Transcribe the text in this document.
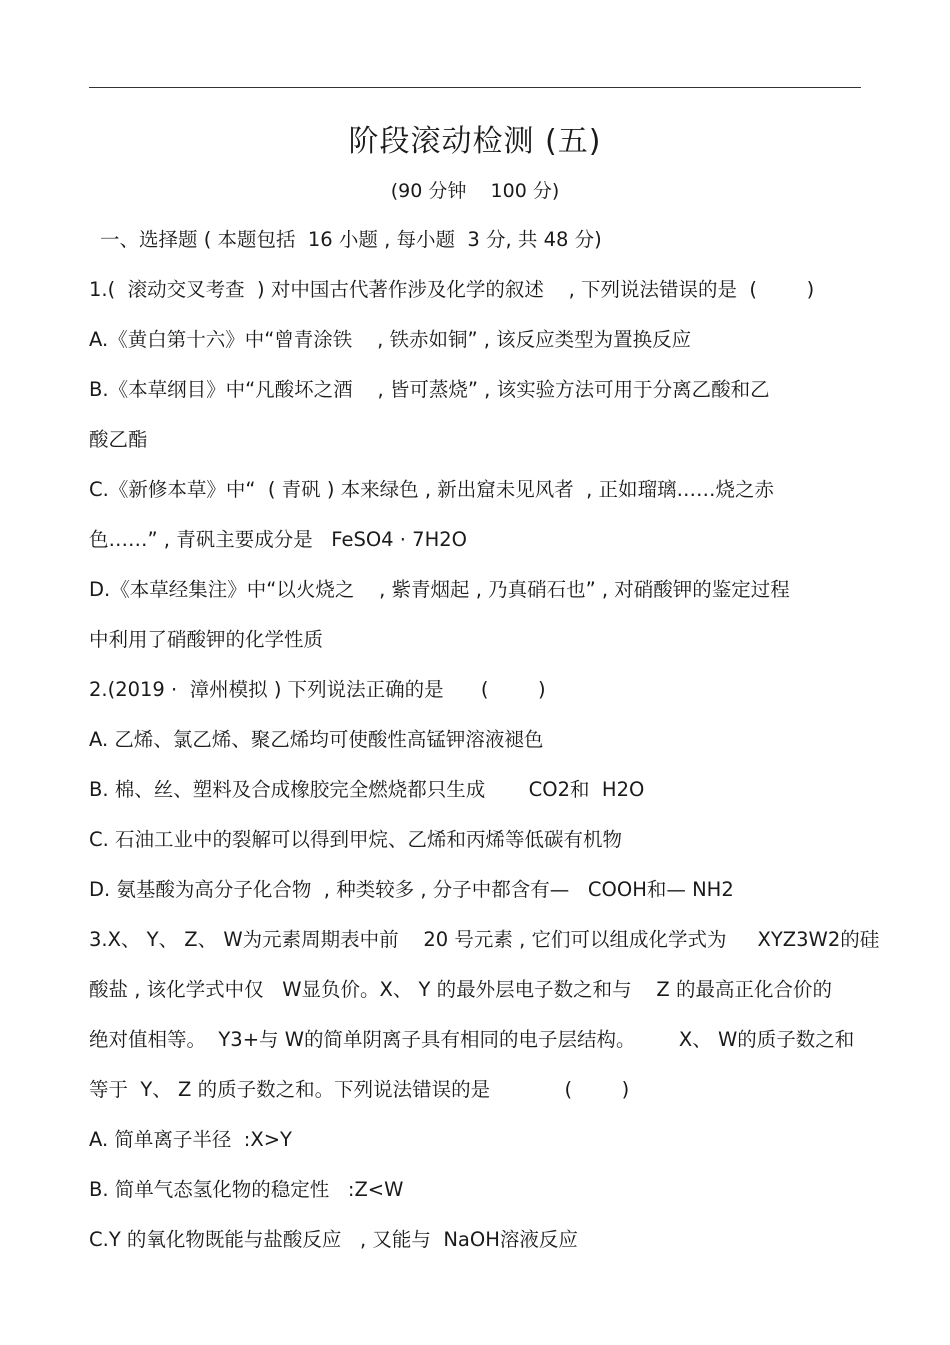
阶段滚动检测 (五)
(90 分钟    100 分)
一、选择题 ( 本题包括  16 小题 , 每小题  3 分, 共 48 分)
1.(  滚动交叉考查  ) 对中国古代著作涉及化学的叙述    , 下列说法错误的是  (        )
A.《黄白第十六》中“曾青涂铁    , 铁赤如铜” , 该反应类型为置换反应
B.《本草纲目》中“凡酸坏之酒    , 皆可蒸烧” , 该实验方法可用于分离乙酸和乙
酸乙酯
C.《新修本草》中“  ( 青矾 ) 本来绿色 , 新出窟未见风者  , 正如瑠璃……烧之赤
色……” , 青矾主要成分是   FeSO4 · 7H2O
D.《本草经集注》中“以火烧之    , 紫青烟起 , 乃真硝石也” , 对硝酸钾的鉴定过程
中利用了硝酸钾的化学性质
2.(2019 ·  漳州模拟 ) 下列说法正确的是      (        )
A. 乙烯、氯乙烯、聚乙烯均可使酸性高锰钾溶液褪色
B. 棉、丝、塑料及合成橡胶完全燃烧都只生成       CO2和  H2O
C. 石油工业中的裂解可以得到甲烷、乙烯和丙烯等低碳有机物
D. 氨基酸为高分子化合物  , 种类较多 , 分子中都含有—   COOH和— NH2
3.X、 Y、 Z、 W为元素周期表中前    20 号元素 , 它们可以组成化学式为     XYZ3W2的硅
酸盐 , 该化学式中仅   W显负价。X、 Y 的最外层电子数之和与    Z 的最高正化合价的
绝对值相等。  Y3+与 W的简单阴离子具有相同的电子层结构。       X、 W的质子数之和
等于  Y、 Z 的质子数之和。下列说法错误的是            (        )
A. 简单离子半径  :X>Y
B. 简单气态氢化物的稳定性   :Z<W
C.Y 的氧化物既能与盐酸反应   , 又能与  NaOH溶液反应
